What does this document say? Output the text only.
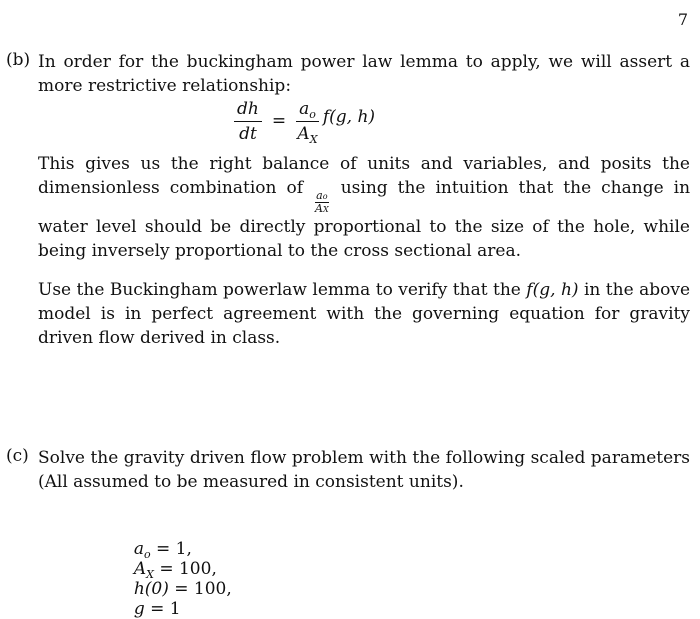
7
(b) In order for the buckingham power law lemma to apply, we will assert a more restrictive relationship:
$\frac{dh}{dt} = \frac{a_o}{A_X} f(g$, h)
This gives us the right balance of units and variables, and posits the dimensionless combination of
$\frac{ao}{AX}$
using the intuition that the change in water level should be directly proportional to the size of the hole, while being inversely proportional to the cross sectional area.
Use the Buckingham powerlaw lemma to verify that the f(g, h) in the above model is in perfect agreement with the governing equation for gravity driven flow derived in class.
(c) Solve the gravity driven flow problem with the following scaled parameters (All assumed to be measured in consistent units).

$a_o = 1$,
$A_X = 100$,
h(0) = 100,
g = 1
